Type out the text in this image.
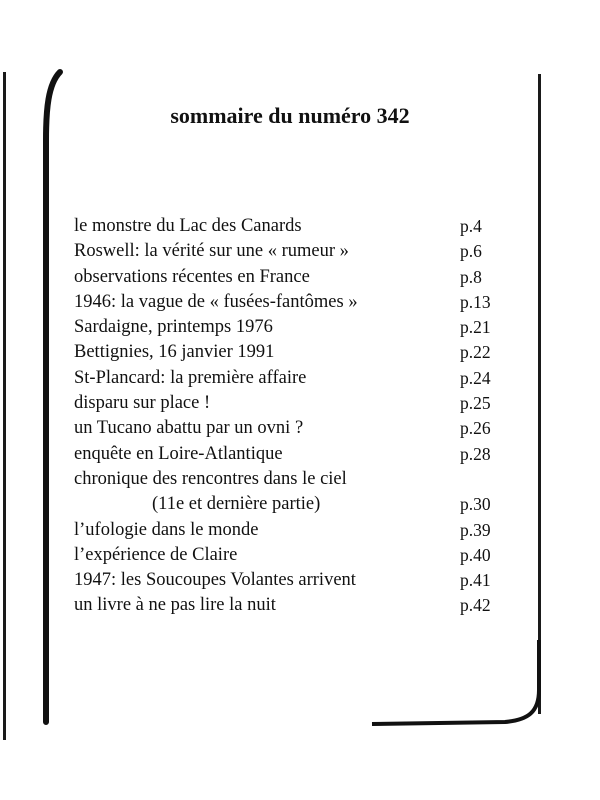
sommaire du numéro 342
le monstre du Lac des Canards	p.4
Roswell: la vérité sur une « rumeur »	p.6
observations récentes en France	p.8
1946: la vague de « fusées-fantômes »	p.13
Sardaigne, printemps 1976	p.21
Bettignies, 16 janvier 1991	p.22
St-Plancard: la première affaire	p.24
disparu sur place !	p.25
un Tucano abattu par un ovni ?	p.26
enquête en Loire-Atlantique	p.28
chronique des rencontres dans le ciel
(11e et dernière partie)	p.30
l’ufologie dans le monde	p.39
l’expérience de Claire	p.40
1947: les Soucoupes Volantes arrivent	p.41
un livre à ne pas lire la nuit	p.42
